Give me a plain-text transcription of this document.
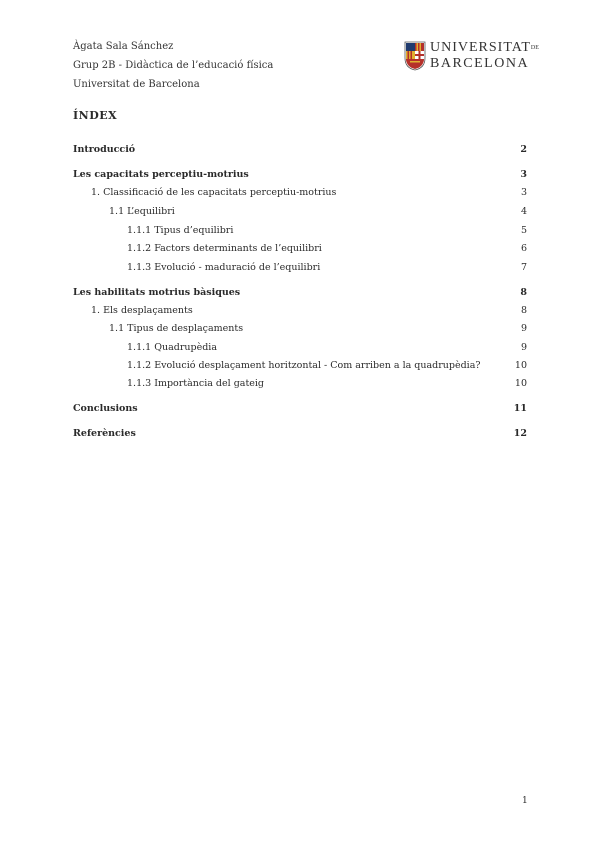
Àgata Sala Sánchez
Grup 2B - Didàctica de l’educació física
Universitat de Barcelona
$UNIVERSITAT^{DE}$
BARCELONA
ÍNDEX
Introducció	2
Les capacitats perceptiu-motrius	3
1. Classificació de les capacitats perceptiu-motrius	3
1.1 L’equilibri	4
1.1.1 Tipus d’equilibri	5
1.1.2 Factors determinants de l’equilibri	6
1.1.3 Evolució - maduració de l’equilibri	7
Les habilitats motrius bàsiques	8
1. Els desplaçaments	8
1.1 Tipus de desplaçaments	9
1.1.1 Quadrupèdia	9
1.1.2 Evolució desplaçament horitzontal - Com arriben a la quadrupèdia?	10
1.1.3 Importància del gateig	10
Conclusions	11
Referències	12
1
